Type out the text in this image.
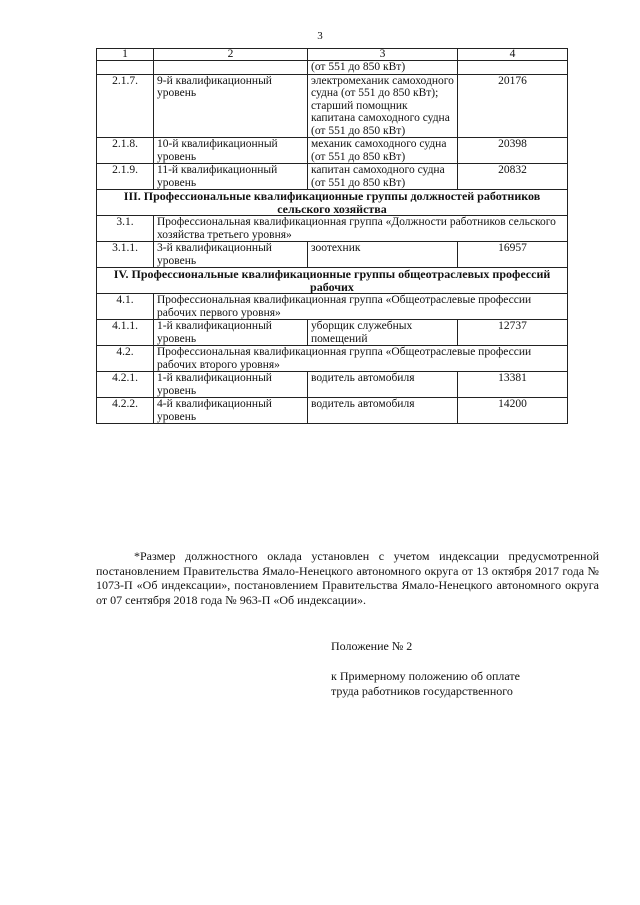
3
1	2	3	4
		(от 551 до 850 кВт)	
2.1.7.	9-й квалификационный уровень	электромеханик самоходного судна (от 551 до 850 кВт); старший помощник капитана самоходного судна (от 551 до 850 кВт)	20176
2.1.8.	10-й квалификационный уровень	механик самоходного судна (от 551 до 850 кВт)	20398
2.1.9.	11-й квалификационный уровень	капитан самоходного судна (от 551 до 850 кВт)	20832
III. Профессиональные квалификационные группы должностей работников сельского хозяйства			
3.1.	Профессиональная квалификационная группа «Должности работников сельского хозяйства третьего уровня»		
3.1.1.	3-й квалификационный уровень	зоотехник	16957
IV. Профессиональные квалификационные группы общеотраслевых профессий рабочих			
4.1.	Профессиональная квалификационная группа «Общеотраслевые профессии рабочих первого уровня»		
4.1.1.	1-й квалификационный уровень	уборщик служебных помещений	12737
4.2.	Профессиональная квалификационная группа «Общеотраслевые профессии рабочих второго уровня»		
4.2.1.	1-й квалификационный уровень	водитель автомобиля	13381
4.2.2.	4-й квалификационный уровень	водитель автомобиля	14200

*Размер должностного оклада установлен с учетом индексации предусмотренной постановлением Правительства Ямало-Ненецкого автономного округа от 13 октября 2017 года № 1073-П «Об индексации», постановлением Правительства Ямало-Ненецкого автономного округа от 07 сентября 2018 года № 963-П «Об индексации».

Положение № 2
к Примерному положению об оплате
труда работников государственного
